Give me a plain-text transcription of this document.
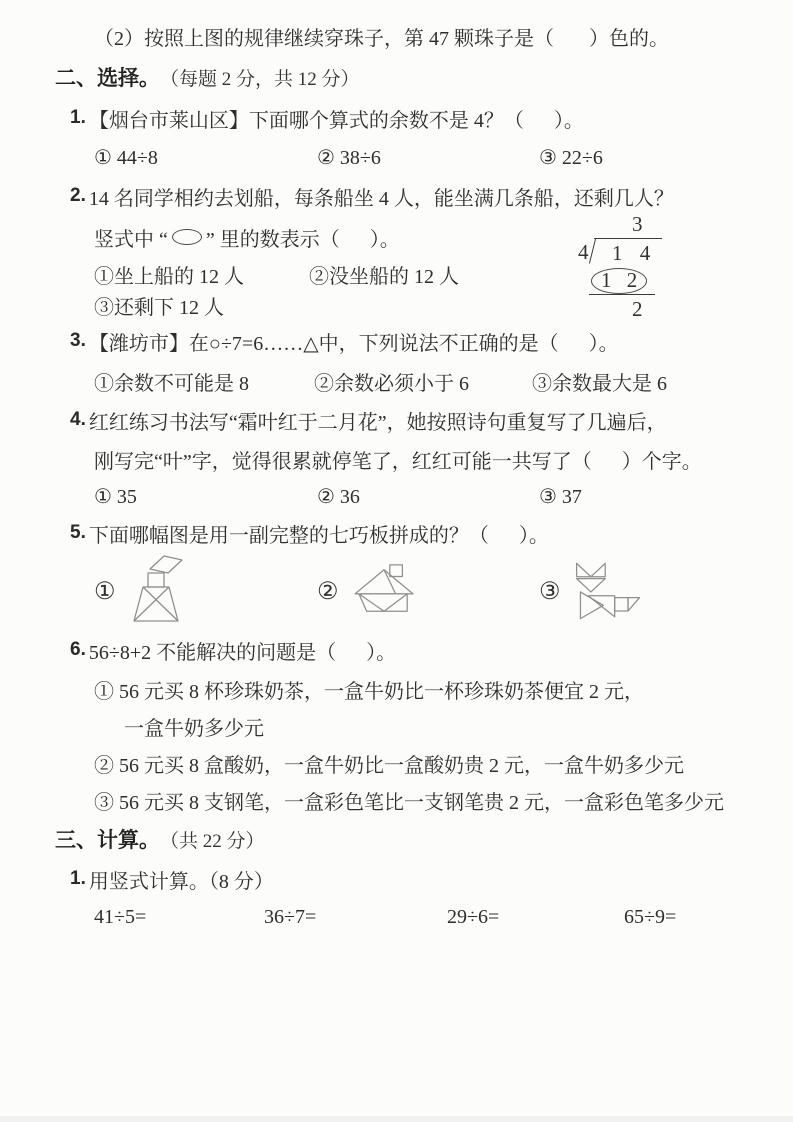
（2）按照上图的规律继续穿珠子，第 47 颗珠子是（       ）色的。
二、选择。 （每题 2 分，共 12 分）
1. 【烟台市莱山区】下面哪个算式的余数不是 4？（      ）。
① 44÷8	② 38÷6	③ 22÷6
2. 14 名同学相约去划船，每条船坐 4 人，能坐满几条船，还剩几人？
竖式中 “ ” 里的数表示（      ）。
①坐上船的 12 人	②没坐船的 12 人
③还剩下 12 人
3
4	1 4
1 2
2
3. 【潍坊市】在○÷7=6……△中，下列说法不正确的是（      ）。
①余数不可能是 8	②余数必须小于 6	③余数最大是 6
4. 红红练习书法写“霜叶红于二月花”，她按照诗句重复写了几遍后，
刚写完“叶”字，觉得很累就停笔了，红红可能一共写了（      ）个字。
① 35	② 36	③ 37
5. 下面哪幅图是用一副完整的七巧板拼成的？（      ）。
①	②	③
6. 56÷8+2 不能解决的问题是（      ）。
① 56 元买 8 杯珍珠奶茶，一盒牛奶比一杯珍珠奶茶便宜 2 元，
一盒牛奶多少元
② 56 元买 8 盒酸奶，一盒牛奶比一盒酸奶贵 2 元，一盒牛奶多少元
③ 56 元买 8 支钢笔，一盒彩色笔比一支钢笔贵 2 元，一盒彩色笔多少元
三、计算。 （共 22 分）
1. 用竖式计算。（8 分）
41÷5=	36÷7=	29÷6=	65÷9=
